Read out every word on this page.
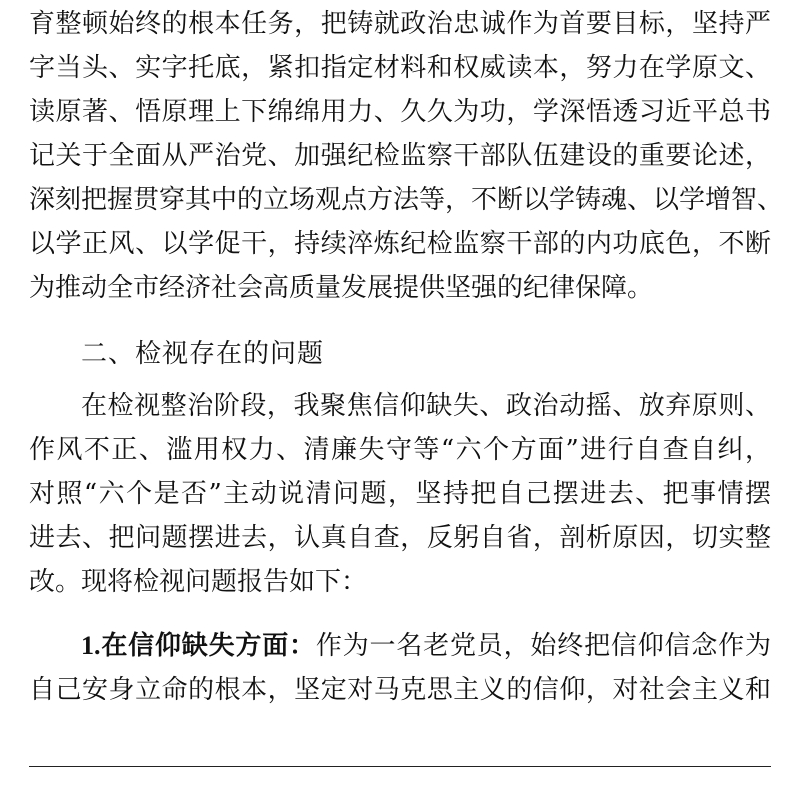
育整顿始终的根本任务，把铸就政治忠诚作为首要目标，坚持严
字当头、实字托底，紧扣指定材料和权威读本，努力在学原文、
读原著、悟原理上下绵绵用力、久久为功，学深悟透习近平总书
记关于全面从严治党、加强纪检监察干部队伍建设的重要论述，
深刻把握贯穿其中的立场观点方法等，不断以学铸魂、以学增智、
以学正风、以学促干，持续淬炼纪检监察干部的内功底色，不断
为推动全市经济社会高质量发展提供坚强的纪律保障。
二、检视存在的问题
在检视整治阶段，我聚焦信仰缺失、政治动摇、放弃原则、
作风不正、滥用权力、清廉失守等“六个方面”进行自查自纠，
对照“六个是否”主动说清问题，坚持把自己摆进去、把事情摆
进去、把问题摆进去，认真自查，反躬自省，剖析原因，切实整
改。现将检视问题报告如下：
1.在信仰缺失方面：作为一名老党员，始终把信仰信念作为
自己安身立命的根本，坚定对马克思主义的信仰，对社会主义和
